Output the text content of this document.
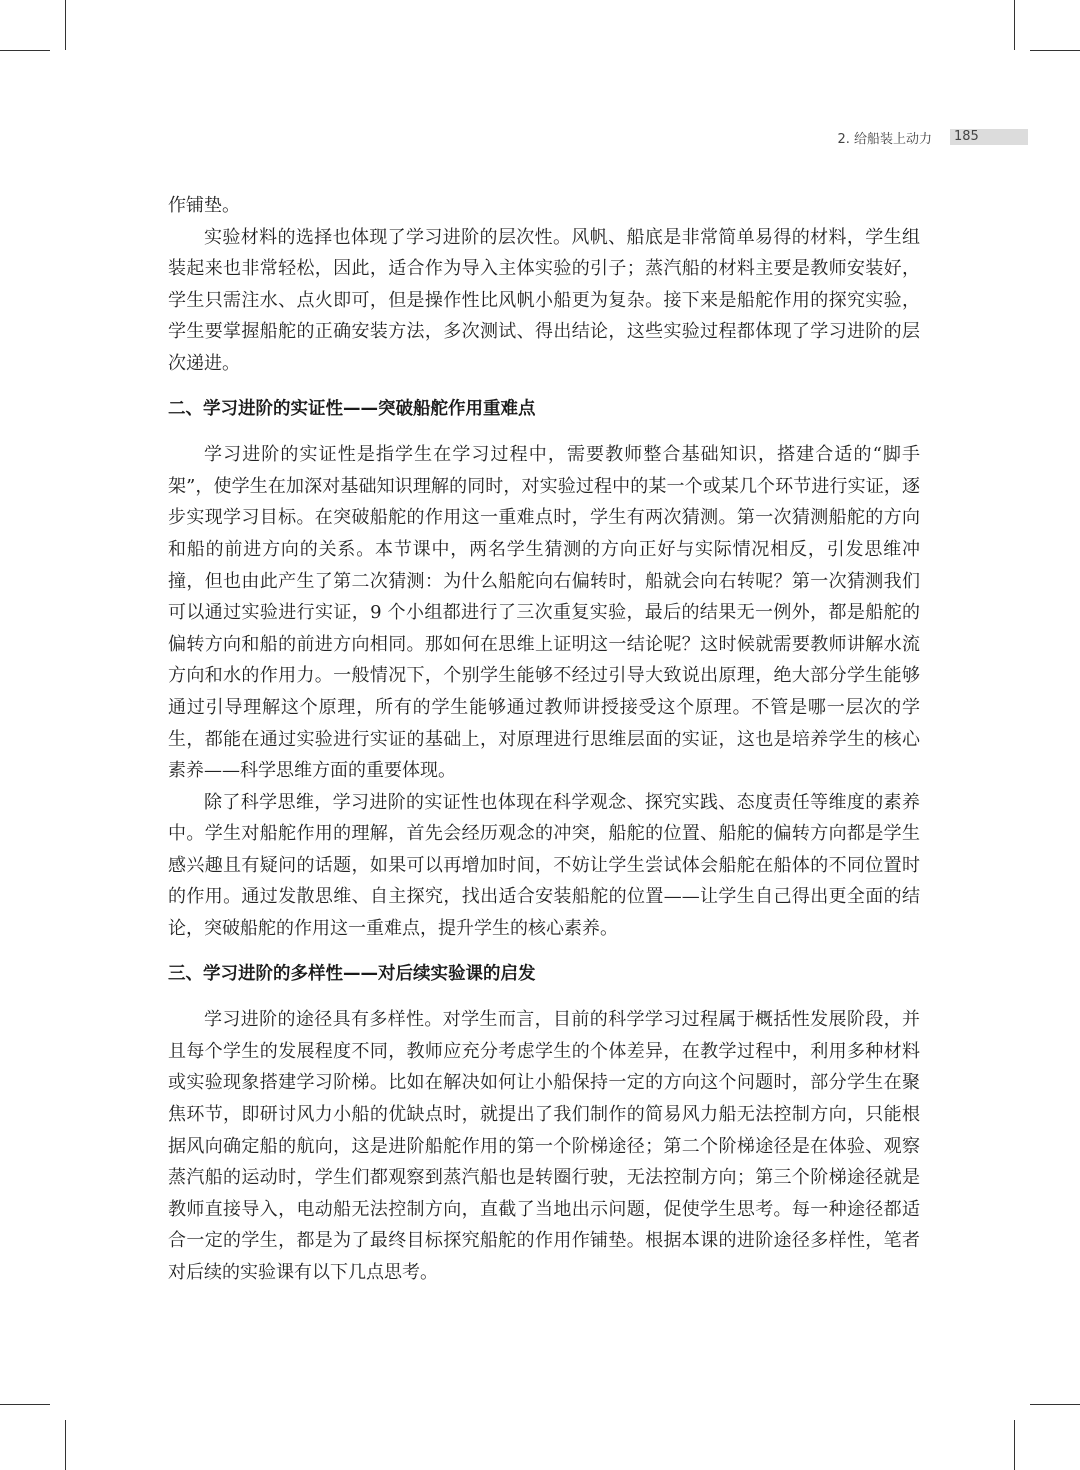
2. 给船装上动力	185

作铺垫。

实验材料的选择也体现了学习进阶的层次性。风帆、船底是非常简单易得的材料，学生组装起来也非常轻松，因此，适合作为导入主体实验的引子；蒸汽船的材料主要是教师安装好，学生只需注水、点火即可，但是操作性比风帆小船更为复杂。接下来是船舵作用的探究实验，学生要掌握船舵的正确安装方法，多次测试、得出结论，这些实验过程都体现了学习进阶的层次递进。

二、学习进阶的实证性——突破船舵作用重难点

学习进阶的实证性是指学生在学习过程中，需要教师整合基础知识，搭建合适的“脚手架”，使学生在加深对基础知识理解的同时，对实验过程中的某一个或某几个环节进行实证，逐步实现学习目标。在突破船舵的作用这一重难点时，学生有两次猜测。第一次猜测船舵的方向和船的前进方向的关系。本节课中，两名学生猜测的方向正好与实际情况相反，引发思维冲撞，但也由此产生了第二次猜测：为什么船舵向右偏转时，船就会向右转呢？第一次猜测我们可以通过实验进行实证，9 个小组都进行了三次重复实验，最后的结果无一例外，都是船舵的偏转方向和船的前进方向相同。那如何在思维上证明这一结论呢？这时候就需要教师讲解水流方向和水的作用力。一般情况下，个别学生能够不经过引导大致说出原理，绝大部分学生能够通过引导理解这个原理，所有的学生能够通过教师讲授接受这个原理。不管是哪一层次的学生，都能在通过实验进行实证的基础上，对原理进行思维层面的实证，这也是培养学生的核心素养——科学思维方面的重要体现。

除了科学思维，学习进阶的实证性也体现在科学观念、探究实践、态度责任等维度的素养中。学生对船舵作用的理解，首先会经历观念的冲突，船舵的位置、船舵的偏转方向都是学生感兴趣且有疑问的话题，如果可以再增加时间，不妨让学生尝试体会船舵在船体的不同位置时的作用。通过发散思维、自主探究，找出适合安装船舵的位置——让学生自己得出更全面的结论，突破船舵的作用这一重难点，提升学生的核心素养。

三、学习进阶的多样性——对后续实验课的启发

学习进阶的途径具有多样性。对学生而言，目前的科学学习过程属于概括性发展阶段，并且每个学生的发展程度不同，教师应充分考虑学生的个体差异，在教学过程中，利用多种材料或实验现象搭建学习阶梯。比如在解决如何让小船保持一定的方向这个问题时，部分学生在聚焦环节，即研讨风力小船的优缺点时，就提出了我们制作的简易风力船无法控制方向，只能根据风向确定船的航向，这是进阶船舵作用的第一个阶梯途径；第二个阶梯途径是在体验、观察蒸汽船的运动时，学生们都观察到蒸汽船也是转圈行驶，无法控制方向；第三个阶梯途径就是教师直接导入，电动船无法控制方向，直截了当地出示问题，促使学生思考。每一种途径都适合一定的学生，都是为了最终目标探究船舵的作用作铺垫。根据本课的进阶途径多样性，笔者对后续的实验课有以下几点思考。
